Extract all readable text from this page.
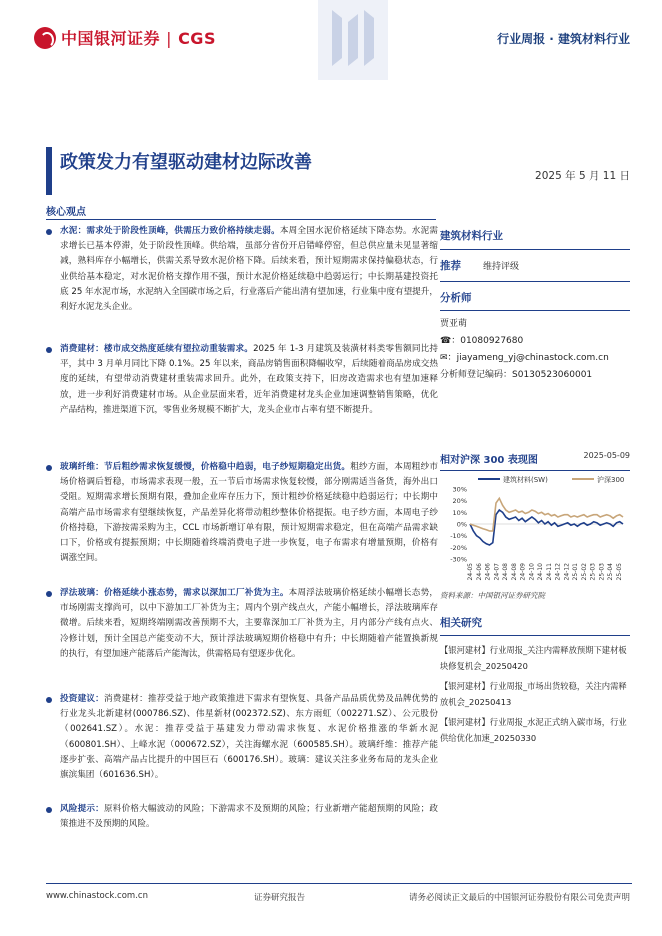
中国银河证券 | CGS	行业周报 · 建筑材料行业
政策发力有望驱动建材边际改善
2025 年 5 月 11 日
核心观点
水泥：需求处于阶段性顶峰，供需压力致价格持续走弱。本周全国水泥价格延续下降态势。水泥需求增长已基本停滞，处于阶段性顶峰。供给端，虽部分省份开启错峰停窑，但总供应量未见显著缩减，熟料库存小幅增长，供需关系导致水泥价格下降。后续来看，预计短期需求保持偏稳状态，行业供给基本稳定，对水泥价格支撑作用不强，预计水泥价格延续稳中趋弱运行；中长期基建投资托底 25 年水泥市场，水泥纳入全国碳市场之后，行业落后产能出清有望加速，行业集中度有望提升，利好水泥龙头企业。
消费建材：楼市成交热度延续有望拉动重装需求。2025 年 1-3 月建筑及装潢材料类零售额同比持平，其中 3 月单月同比下降 0.1%。25 年以来，商品房销售面积降幅收窄，后续随着商品房成交热度的延续，有望带动消费建材重装需求回升。此外，在政策支持下，旧房改造需求也有望加速释放，进一步利好消费建材市场。从企业层面来看，近年消费建材龙头企业加速调整销售策略，优化产品结构，推进渠道下沉，零售业务规模不断扩大，龙头企业市占率有望不断提升。
玻璃纤维：节后粗纱需求恢复缓慢，价格稳中趋弱，电子纱短期稳定出货。粗纱方面，本周粗纱市场价格调后暂稳，市场需求表现一般，五一节后市场需求恢复较慢，部分刚需适当备货，海外出口受阻。短期需求增长预期有限，叠加企业库存压力下，预计粗纱价格延续稳中趋弱运行；中长期中高端产品市场需求有望继续恢复，产品差异化将带动粗纱整体价格提振。电子纱方面，本周电子纱价格持稳，下游按需采购为主，CCL 市场新增订单有限，预计短期需求稳定，但在高端产品需求缺口下，价格或有提振预期；中长期随着终端消费电子进一步恢复，电子布需求有增量预期，价格有调涨空间。
浮法玻璃：价格延续小涨态势，需求以深加工厂补货为主。本周浮法玻璃价格延续小幅增长态势，市场刚需支撑尚可，以中下游加工厂补货为主；周内个别产线点火，产能小幅增长，浮法玻璃库存微增。后续来看，短期终端刚需改善预期不大，主要靠深加工厂补货为主，月内部分产线有点火、冷修计划，预计全国总产能变动不大，预计浮法玻璃短期价格稳中有升；中长期随着产能置换新规的执行，有望加速产能落后产能淘汰，供需格局有望逐步优化。
投资建议：消费建材：推荐受益于地产政策推进下需求有望恢复、具备产品品质优势及品牌优势的行业龙头北新建材(000786.SZ)、伟星新材(002372.SZ)、东方雨虹（002271.SZ）、公元股份（002641.SZ）。水泥：推荐受益于基建发力带动需求恢复、水泥价格推涨的华新水泥（600801.SH）、上峰水泥（000672.SZ），关注海螺水泥（600585.SH）。玻璃纤维：推荐产能逐步扩张、高端产品占比提升的中国巨石（600176.SH）。玻璃：建议关注多业务布局的龙头企业旗滨集团（601636.SH）。
风险提示：原料价格大幅波动的风险；下游需求不及预期的风险；行业新增产能超预期的风险；政策推进不及预期的风险。
建筑材料行业
推荐 维持评级
分析师
贾亚萌
☎：01080927680
✉：jiayameng_yj@chinastock.com.cn
分析师登记编码：S0130523060001
相对沪深 300 表现图	2025-05-09
建筑材料(SW)	沪深300
30%
20%
10%
0%
-10%
-20%
-30%
24-05 24-06 24-06 24-07 24-08 24-08 24-09 24-10 24-10 24-11 24-12 24-12 25-01 25-02 25-03 25-03 25-04 25-05
资料来源：中国银河证券研究院
相关研究
【银河建材】行业周报_关注内需释放预期下建材板块修复机会_20250420
【银河建材】行业周报_市场出货较稳，关注内需释放机会_20250413
【银河建材】行业周报_水泥正式纳入碳市场，行业供给优化加速_20250330
www.chinastock.com.cn	证券研究报告	请务必阅读正文最后的中国银河证券股份有限公司免责声明
